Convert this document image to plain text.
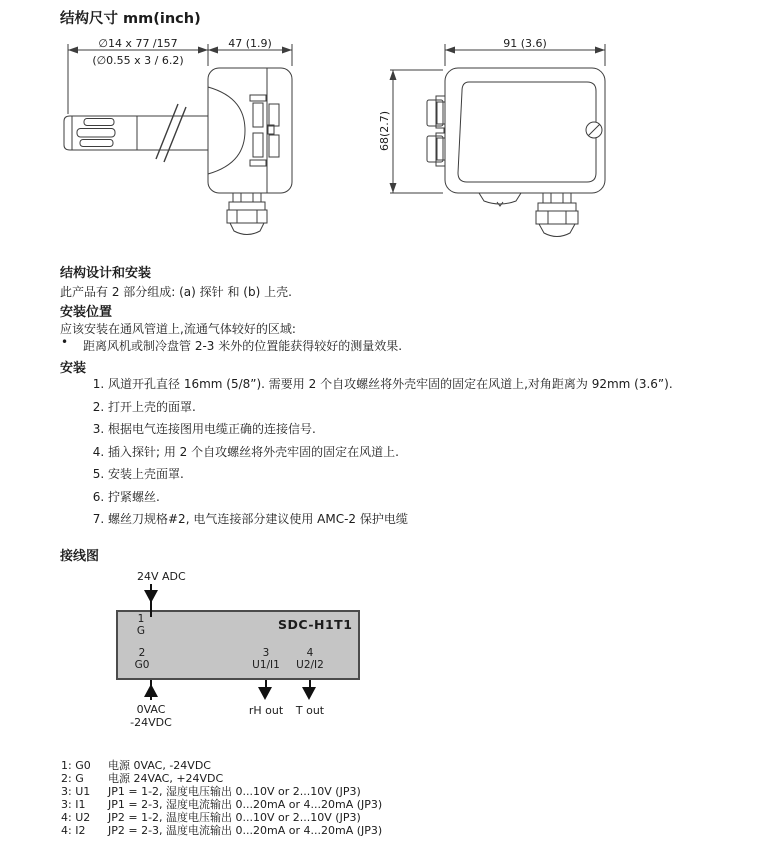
结构尺寸 mm(inch)
∅14 x 77 /157
(∅0.55 x 3 / 6.2)
47 (1.9)	91 (3.6)
68(2.7)
结构设计和安装
此产品有 2 部分组成: (a) 探针 和 (b) 上壳.
安装位置
应该安装在通风管道上,流通气体较好的区域:
• 距离风机或制冷盘管 2-3 米外的位置能获得较好的测量效果.
安装
1. 风道开孔直径 16mm (5/8”). 需要用 2 个自攻螺丝将外壳牢固的固定在风道上,对角距离为 92mm (3.6”).
2. 打开上壳的面罩.
3. 根据电气连接图用电缆正确的连接信号.
4. 插入探针; 用 2 个自攻螺丝将外壳牢固的固定在风道上.
5. 安装上壳面罩.
6. 拧紧螺丝.
7. 螺丝刀规格#2, 电气连接部分建议使用 AMC-2 保护电缆
接线图
24V ADC
1
G	SDC-H1T1
2
G0
3
U1/I1
4
U2/I2
0VAC
-24VDC
rH out	T out
1: G0	电源 0VAC, -24VDC
2: G	电源 24VAC, +24VDC
3: U1	JP1 = 1-2, 湿度电压输出 0...10V or 2...10V (JP3)
3: I1	JP1 = 2-3, 湿度电流输出 0...20mA or 4...20mA (JP3)
4: U2	JP2 = 1-2, 温度电压输出 0...10V or 2...10V (JP3)
4: I2	JP2 = 2-3, 温度电流输出 0...20mA or 4...20mA (JP3)
